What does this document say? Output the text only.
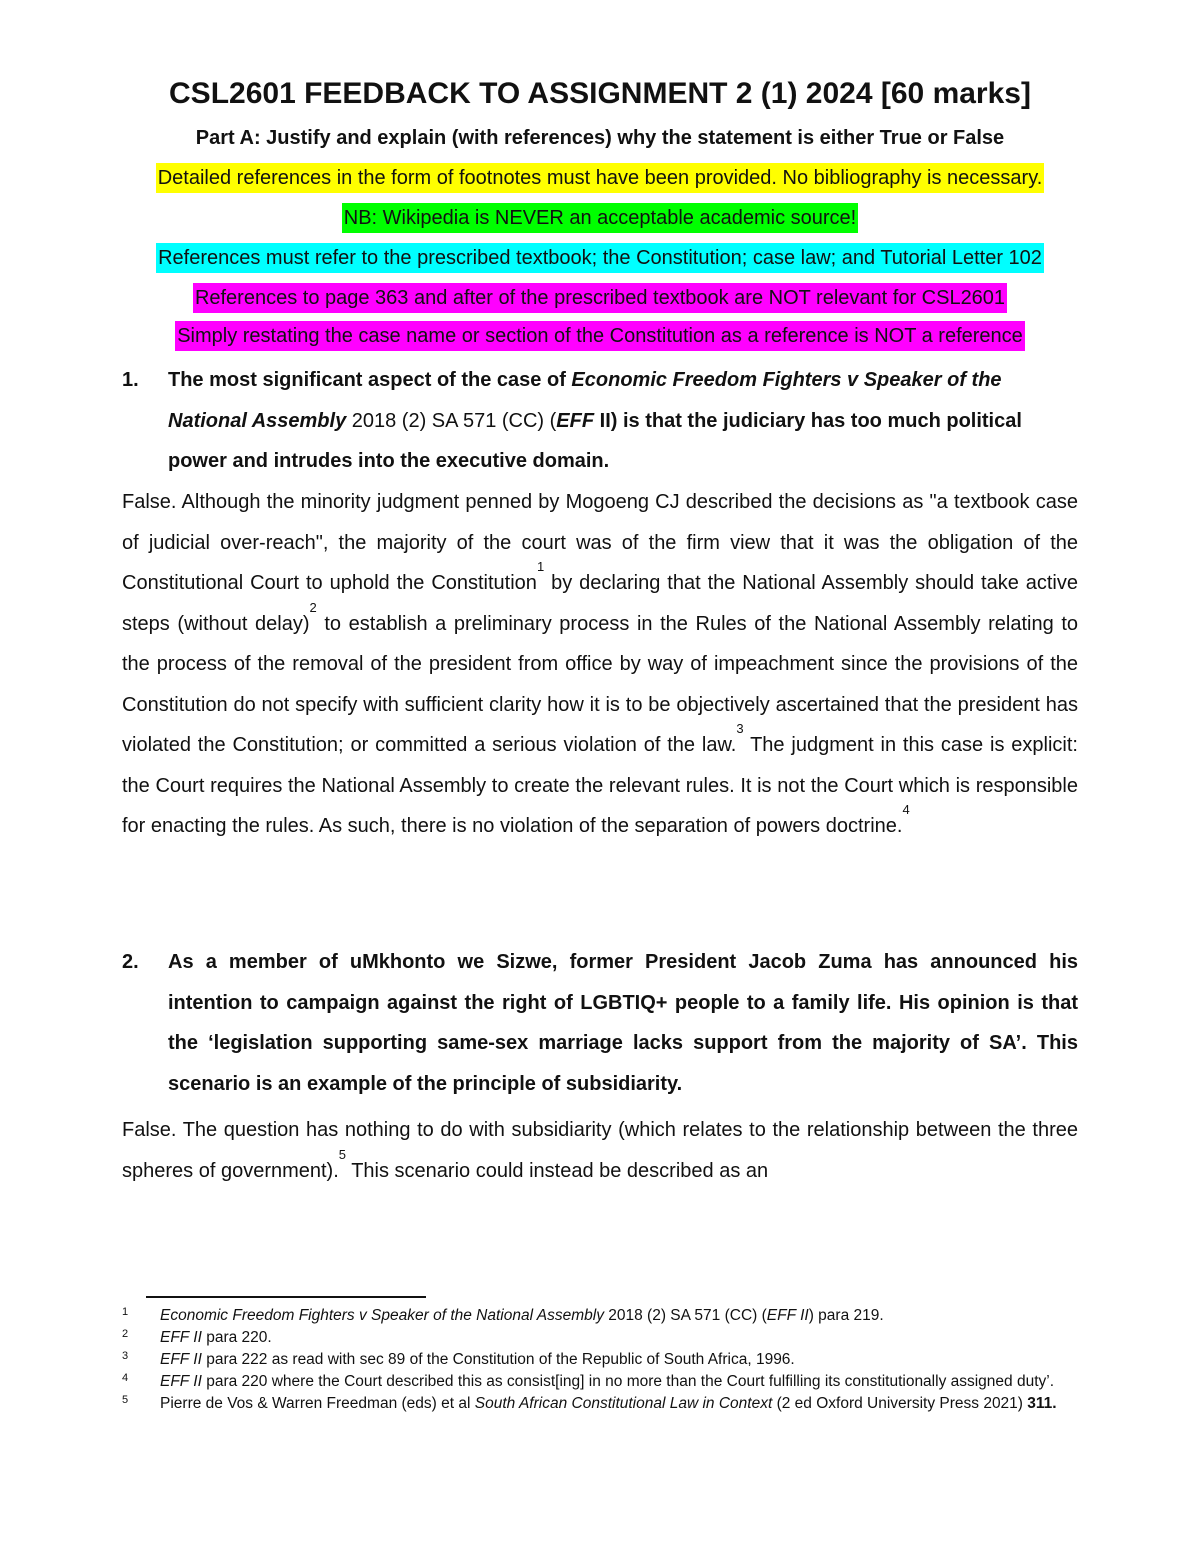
CSL2601 FEEDBACK TO ASSIGNMENT 2 (1) 2024 [60 marks]
Part A: Justify and explain (with references) why the statement is either True or False
Detailed references in the form of footnotes must have been provided. No bibliography is necessary.
NB: Wikipedia is NEVER an acceptable academic source!
References must refer to the prescribed textbook; the Constitution; case law; and Tutorial Letter 102
References to page 363 and after of the prescribed textbook are NOT relevant for CSL2601
Simply restating the case name or section of the Constitution as a reference is NOT a reference
1.	The most significant aspect of the case of Economic Freedom Fighters v Speaker of the National Assembly 2018 (2) SA 571 (CC) (EFF II) is that the judiciary has too much political power and intrudes into the executive domain.
False. Although the minority judgment penned by Mogoeng CJ described the decisions as "a textbook case of judicial over-reach", the majority of the court was of the firm view that it was the obligation of the Constitutional Court to uphold the Constitution$^1$ by declaring that the National Assembly should take active steps (without delay)$^2$ to establish a preliminary process in the Rules of the National Assembly relating to the process of the removal of the president from office by way of impeachment since the provisions of the Constitution do not specify with sufficient clarity how it is to be objectively ascertained that the president has violated the Constitution; or committed a serious violation of the law.$^3$ The judgment in this case is explicit: the Court requires the National Assembly to create the relevant rules. It is not the Court which is responsible for enacting the rules. As such, there is no violation of the separation of powers doctrine.$^4$
2.	As a member of uMkhonto we Sizwe, former President Jacob Zuma has announced his intention to campaign against the right of LGBTIQ+ people to a family life. His opinion is that the ‘legislation supporting same-sex marriage lacks support from the majority of SA’. This scenario is an example of the principle of subsidiarity.
False. The question has nothing to do with subsidiarity (which relates to the relationship between the three spheres of government).$^5$ This scenario could instead be described as an
1 Economic Freedom Fighters v Speaker of the National Assembly 2018 (2) SA 571 (CC) (EFF II) para 219.
2 EFF II para 220.
3 EFF II para 222 as read with sec 89 of the Constitution of the Republic of South Africa, 1996.
4 EFF II para 220 where the Court described this as consist[ing] in no more than the Court fulfilling its constitutionally assigned duty’.
5 Pierre de Vos & Warren Freedman (eds) et al South African Constitutional Law in Context (2 ed Oxford University Press 2021) 311.
